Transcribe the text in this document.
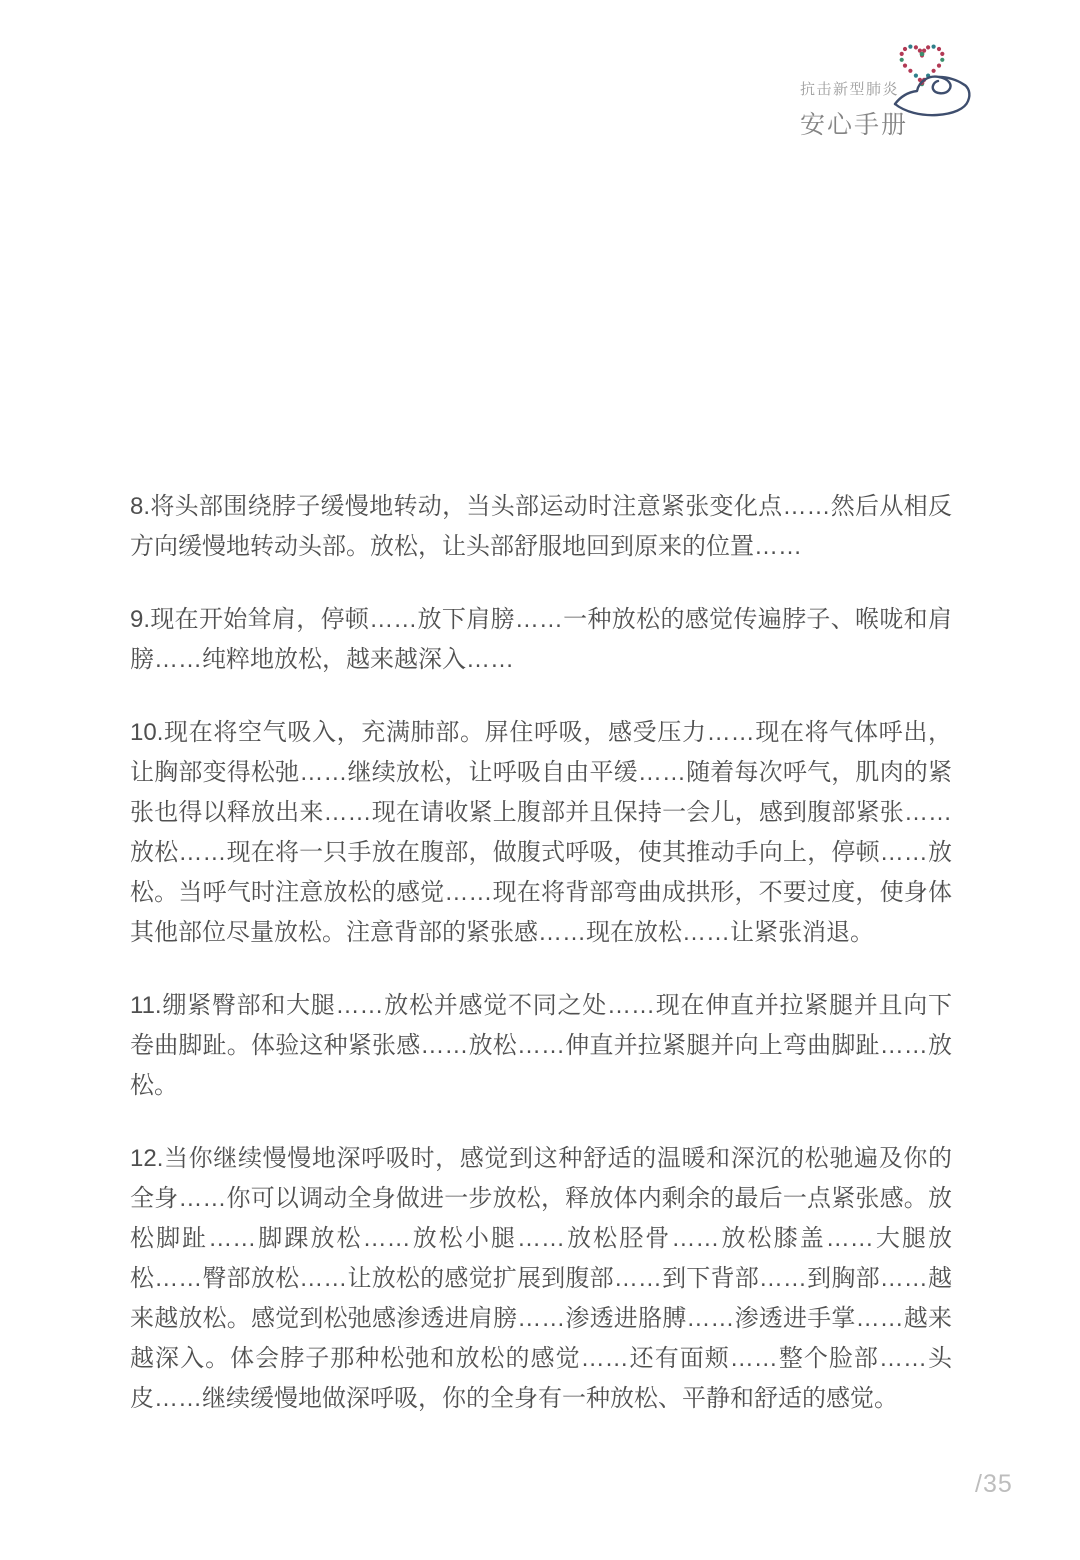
抗击新型肺炎
安心手册

8.将头部围绕脖子缓慢地转动，当头部运动时注意紧张变化点……然后从相反方向缓慢地转动头部。放松，让头部舒服地回到原来的位置……

9.现在开始耸肩，停顿……放下肩膀……一种放松的感觉传遍脖子、喉咙和肩膀……纯粹地放松，越来越深入……

10.现在将空气吸入，充满肺部。屏住呼吸，感受压力……现在将气体呼出，让胸部变得松弛……继续放松，让呼吸自由平缓……随着每次呼气，肌肉的紧张也得以释放出来……现在请收紧上腹部并且保持一会儿，感到腹部紧张……放松……现在将一只手放在腹部，做腹式呼吸，使其推动手向上，停顿……放松。当呼气时注意放松的感觉……现在将背部弯曲成拱形，不要过度，使身体其他部位尽量放松。注意背部的紧张感……现在放松……让紧张消退。

11.绷紧臀部和大腿……放松并感觉不同之处……现在伸直并拉紧腿并且向下卷曲脚趾。体验这种紧张感……放松……伸直并拉紧腿并向上弯曲脚趾……放松。

12.当你继续慢慢地深呼吸时，感觉到这种舒适的温暖和深沉的松驰遍及你的全身……你可以调动全身做进一步放松，释放体内剩余的最后一点紧张感。放松脚趾……脚踝放松……放松小腿……放松胫骨……放松膝盖……大腿放松……臀部放松……让放松的感觉扩展到腹部……到下背部……到胸部……越来越放松。感觉到松弛感渗透进肩膀……渗透进胳膊……渗透进手掌……越来越深入。体会脖子那种松弛和放松的感觉……还有面颊……整个脸部……头皮……继续缓慢地做深呼吸，你的全身有一种放松、平静和舒适的感觉。

/35
